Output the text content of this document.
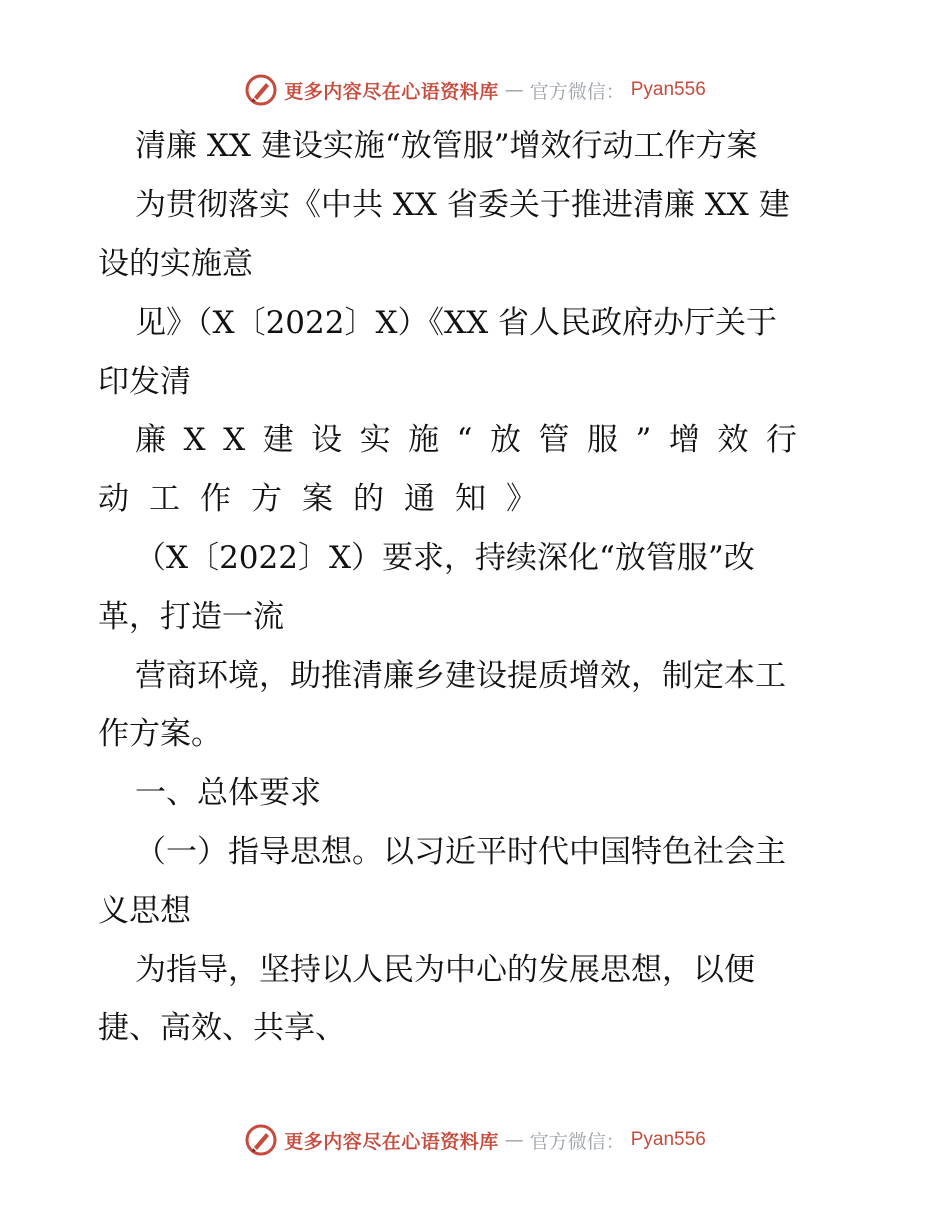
更多内容尽在心语资料库 — 官方微信： Pyan556
清廉 XX 建设实施“放管服”增效行动工作方案
为贯彻落实《中共 XX 省委关于推进清廉 XX 建
设的实施意
见》（X〔2022〕X）《XX 省人民政府办厅关于
印发清
廉XX建设实施“放管服”增效行
动工作方案的通知》
（X〔2022〕X）要求，持续深化“放管服”改
革，打造一流
营商环境，助推清廉乡建设提质增效，制定本工
作方案。
一、总体要求
（一）指导思想。以习近平时代中国特色社会主
义思想
为指导，坚持以人民为中心的发展思想，以便
捷、高效、共享、
更多内容尽在心语资料库 — 官方微信： Pyan556
